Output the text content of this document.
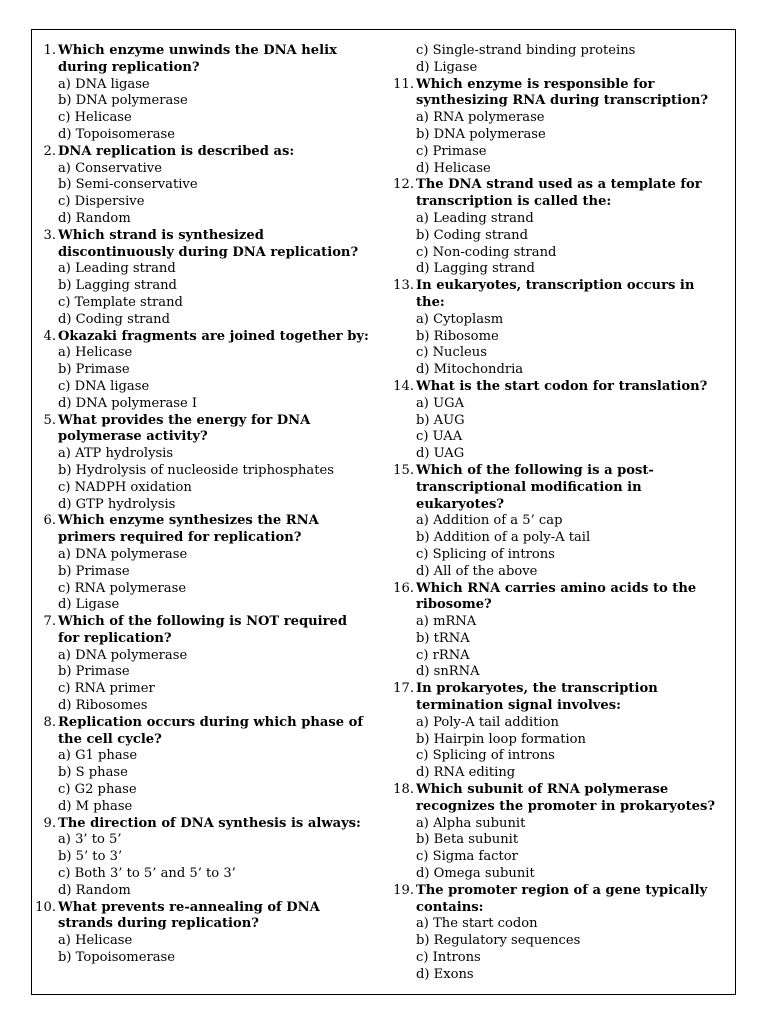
1. Which enzyme unwinds the DNA helix during replication?
a) DNA ligase
b) DNA polymerase
c) Helicase
d) Topoisomerase
2. DNA replication is described as:
a) Conservative
b) Semi-conservative
c) Dispersive
d) Random
3. Which strand is synthesized discontinuously during DNA replication?
a) Leading strand
b) Lagging strand
c) Template strand
d) Coding strand
4. Okazaki fragments are joined together by:
a) Helicase
b) Primase
c) DNA ligase
d) DNA polymerase I
5. What provides the energy for DNA polymerase activity?
a) ATP hydrolysis
b) Hydrolysis of nucleoside triphosphates
c) NADPH oxidation
d) GTP hydrolysis
6. Which enzyme synthesizes the RNA primers required for replication?
a) DNA polymerase
b) Primase
c) RNA polymerase
d) Ligase
7. Which of the following is NOT required for replication?
a) DNA polymerase
b) Primase
c) RNA primer
d) Ribosomes
8. Replication occurs during which phase of the cell cycle?
a) G1 phase
b) S phase
c) G2 phase
d) M phase
9. The direction of DNA synthesis is always:
a) 3’ to 5’
b) 5’ to 3’
c) Both 3’ to 5’ and 5’ to 3’
d) Random
10. What prevents re-annealing of DNA strands during replication?
a) Helicase
b) Topoisomerase
c) Single-strand binding proteins
d) Ligase
11. Which enzyme is responsible for synthesizing RNA during transcription?
a) RNA polymerase
b) DNA polymerase
c) Primase
d) Helicase
12. The DNA strand used as a template for transcription is called the:
a) Leading strand
b) Coding strand
c) Non-coding strand
d) Lagging strand
13. In eukaryotes, transcription occurs in the:
a) Cytoplasm
b) Ribosome
c) Nucleus
d) Mitochondria
14. What is the start codon for translation?
a) UGA
b) AUG
c) UAA
d) UAG
15. Which of the following is a post-transcriptional modification in eukaryotes?
a) Addition of a 5’ cap
b) Addition of a poly-A tail
c) Splicing of introns
d) All of the above
16. Which RNA carries amino acids to the ribosome?
a) mRNA
b) tRNA
c) rRNA
d) snRNA
17. In prokaryotes, the transcription termination signal involves:
a) Poly-A tail addition
b) Hairpin loop formation
c) Splicing of introns
d) RNA editing
18. Which subunit of RNA polymerase recognizes the promoter in prokaryotes?
a) Alpha subunit
b) Beta subunit
c) Sigma factor
d) Omega subunit
19. The promoter region of a gene typically contains:
a) The start codon
b) Regulatory sequences
c) Introns
d) Exons
